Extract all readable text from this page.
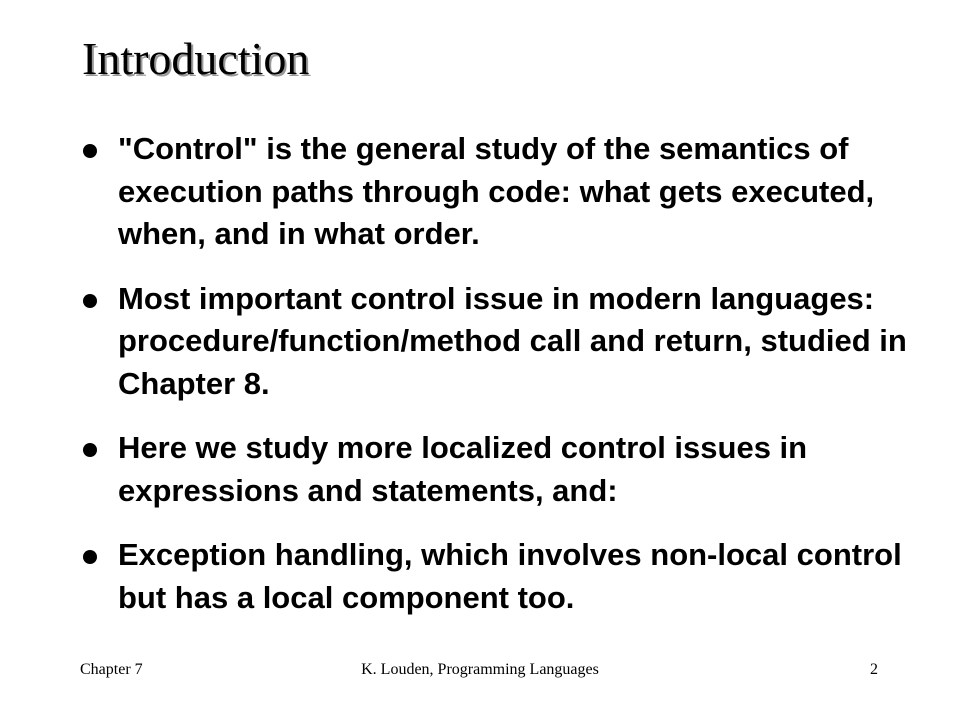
Introduction
"Control" is the general study of the semantics of execution paths through code: what gets executed, when, and in what order.
Most important control issue in modern languages: procedure/function/method call and return, studied in Chapter 8.
Here we study more localized control issues in expressions and statements, and:
Exception handling, which involves non-local control but has a local component too.
Chapter 7	K. Louden, Programming Languages	2
